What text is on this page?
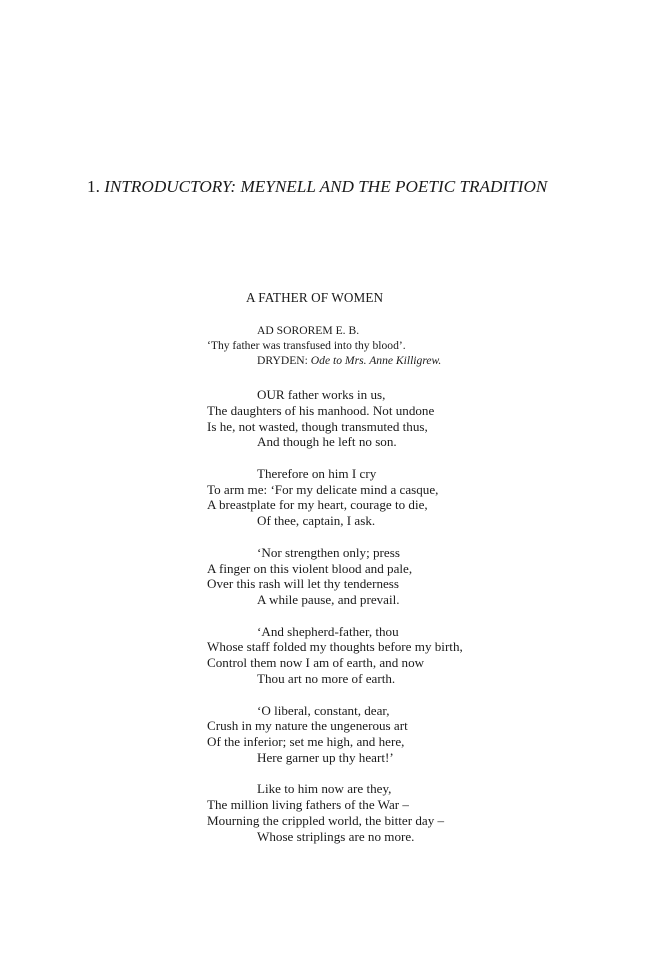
1. INTRODUCTORY: MEYNELL AND THE POETIC TRADITION
A FATHER OF WOMEN
AD SORОREM E. B.
‘Thy father was transfused into thy blood’.
DRYDEN: Ode to Mrs. Anne Killigrew.
OUR father works in us,
The daughters of his manhood. Not undone
Is he, not wasted, though transmuted thus,
And though he left no son.
Therefore on him I cry
To arm me: ‘For my delicate mind a casque,
A breastplate for my heart, courage to die,
Of thee, captain, I ask.
‘Nor strengthen only; press
A finger on this violent blood and pale,
Over this rash will let thy tenderness
A while pause, and prevail.
‘And shepherd-father, thou
Whose staff folded my thoughts before my birth,
Control them now I am of earth, and now
Thou art no more of earth.
‘O liberal, constant, dear,
Crush in my nature the ungenerous art
Of the inferior; set me high, and here,
Here garner up thy heart!’
Like to him now are they,
The million living fathers of the War –
Mourning the crippled world, the bitter day –
Whose striplings are no more.
